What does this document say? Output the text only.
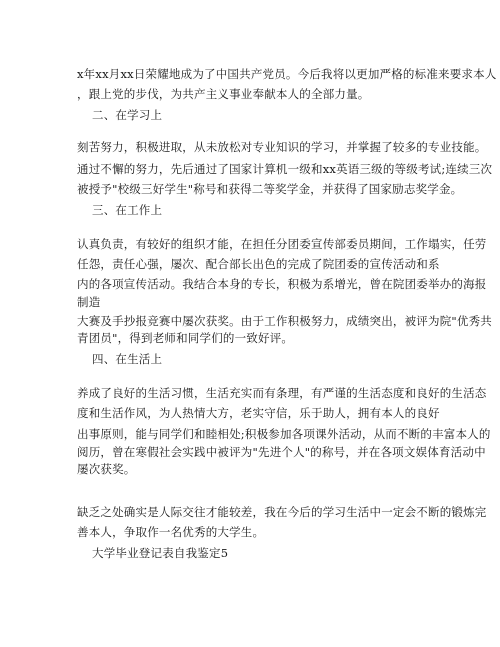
x年xx月xx日荣耀地成为了中国共产党员。今后我将以更加严格的标准来要求本人
，跟上党的步伐，为共产主义事业奉献本人的全部力量。
二、在学习上
刻苦努力，积极进取，从未放松对专业知识的学习，并掌握了较多的专业技能。
通过不懈的努力，先后通过了国家计算机一级和xx英语三级的等级考试;连续三次
被授予"校级三好学生"称号和获得二等奖学金，并获得了国家励志奖学金。
三、在工作上
认真负责，有较好的组织才能，在担任分团委宣传部委员期间，工作塌实，任劳
任怨，责任心强，屡次、配合部长出色的完成了院团委的宣传活动和系
内的各项宣传活动。我结合本身的专长，积极为系增光，曾在院团委举办的海报
制造
大赛及手抄报竞赛中屡次获奖。由于工作积极努力，成绩突出，被评为院"优秀共
青团员"，得到老师和同学们的一致好评。
四、在生活上
养成了良好的生活习惯，生活充实而有条理，有严谨的生活态度和良好的生活态
度和生活作风，为人热情大方，老实守信，乐于助人，拥有本人的良好
出事原则，能与同学们和睦相处;积极参加各项课外活动，从而不断的丰富本人的
阅历，曾在寒假社会实践中被评为"先进个人"的称号，并在各项文娱体育活动中
屡次获奖。
缺乏之处确实是人际交往才能较差，我在今后的学习生活中一定会不断的锻炼完
善本人，争取作一名优秀的大学生。
大学毕业登记表自我鉴定5
